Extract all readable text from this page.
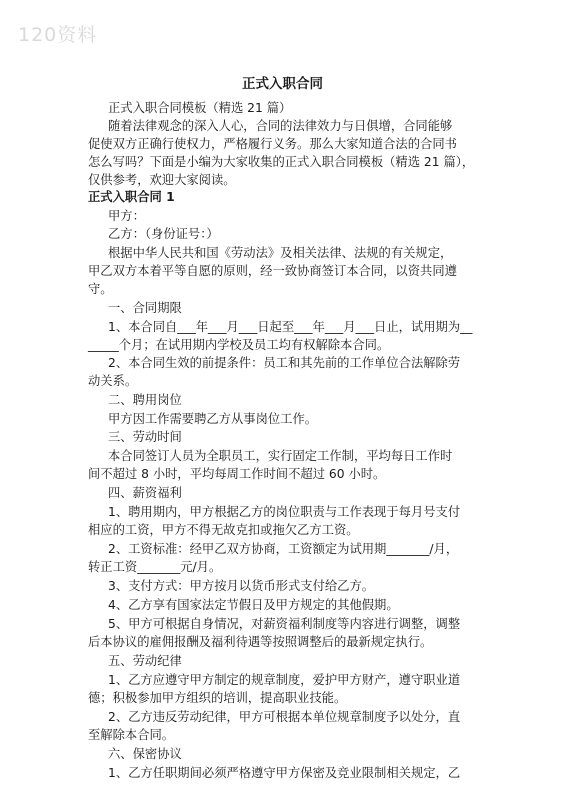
120资料
正式入职合同
正式入职合同模板（精选 21 篇）
随着法律观念的深入人心，合同的法律效力与日俱增，合同能够
促使双方正确行使权力，严格履行义务。那么大家知道合法的合同书
怎么写吗？下面是小编为大家收集的正式入职合同模板（精选 21 篇），
仅供参考，欢迎大家阅读。
正式入职合同 1
甲方：
乙方：（身份证号：）
根据中华人民共和国《劳动法》及相关法律、法规的有关规定，
甲乙双方本着平等自愿的原则，经一致协商签订本合同，以资共同遵
守。
一、合同期限
1、本合同自___年___月___日起至___年___月___日止，试用期为__
_____个月；在试用期内学校及员工均有权解除本合同。
2、本合同生效的前提条件：员工和其先前的工作单位合法解除劳
动关系。
二、聘用岗位
甲方因工作需要聘乙方从事岗位工作。
三、劳动时间
本合同签订人员为全职员工，实行固定工作制，平均每日工作时
间不超过 8 小时，平均每周工作时间不超过 60 小时。
四、薪资福利
1、聘用期内，甲方根据乙方的岗位职责与工作表现于每月号支付
相应的工资，甲方不得无故克扣或拖欠乙方工资。
2、工资标准：经甲乙双方协商，工资额定为试用期_______/月，
转正工资_______元/月。
3、支付方式：甲方按月以货币形式支付给乙方。
4、乙方享有国家法定节假日及甲方规定的其他假期。
5、甲方可根据自身情况，对薪资福利制度等内容进行调整，调整
后本协议的雇佣报酬及福利待遇等按照调整后的最新规定执行。
五、劳动纪律
1、乙方应遵守甲方制定的规章制度，爱护甲方财产，遵守职业道
德；积极参加甲方组织的培训，提高职业技能。
2、乙方违反劳动纪律，甲方可根据本单位规章制度予以处分，直
至解除本合同。
六、保密协议
1、乙方任职期间必须严格遵守甲方保密及竞业限制相关规定，乙
